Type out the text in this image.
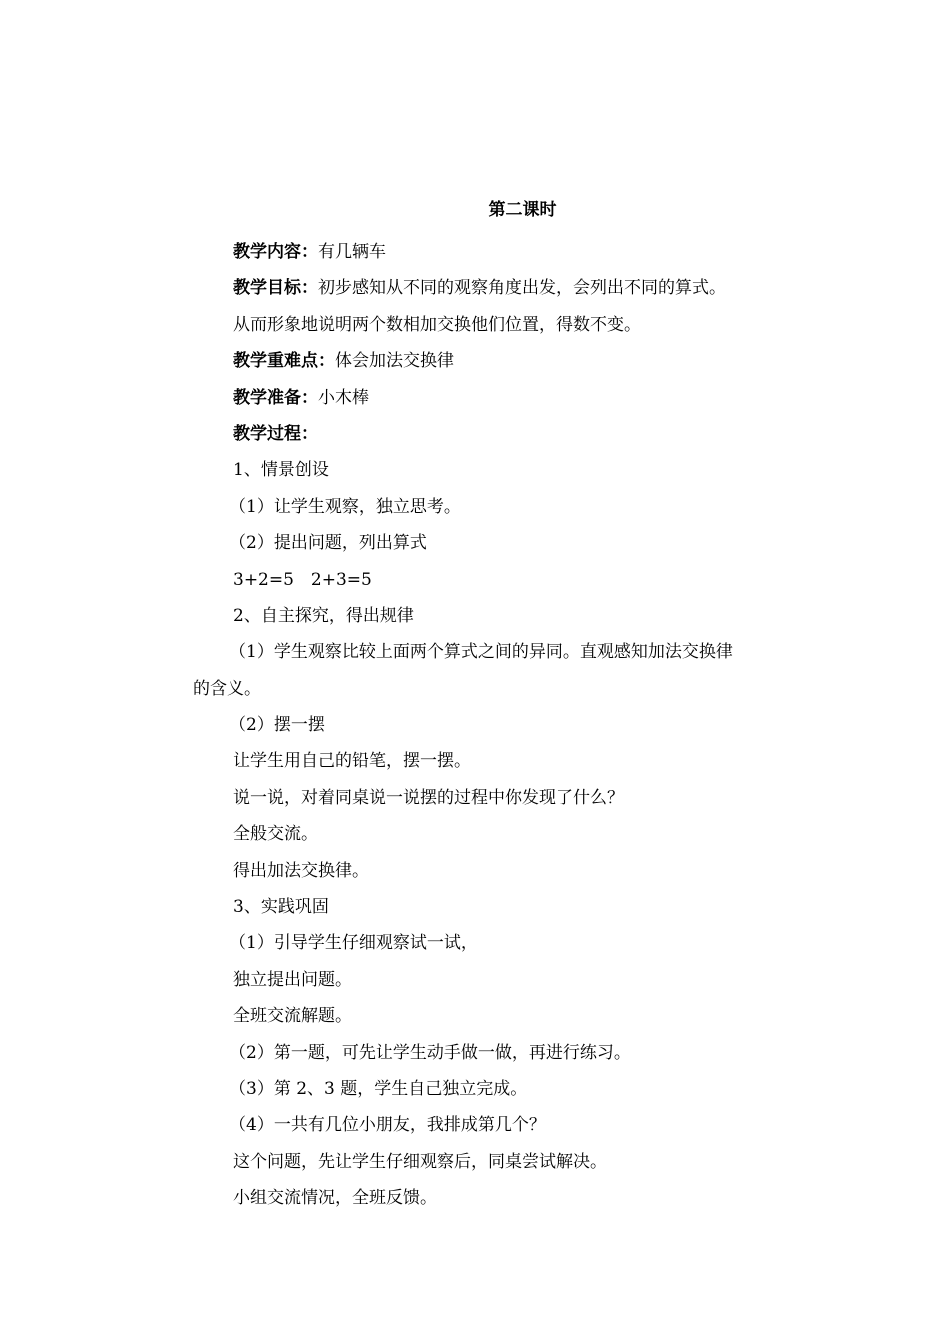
第二课时
教学内容：有几辆车
教学目标：初步感知从不同的观察角度出发，会列出不同的算式。
从而形象地说明两个数相加交换他们位置，得数不变。
教学重难点：体会加法交换律
教学准备：小木棒
教学过程：
1、情景创设
（1）让学生观察，独立思考。
（2）提出问题，列出算式
3+2=5　2+3=5
2、自主探究，得出规律
（1）学生观察比较上面两个算式之间的异同。直观感知加法交换律
的含义。
（2）摆一摆
让学生用自己的铅笔，摆一摆。
说一说，对着同桌说一说摆的过程中你发现了什么？
全般交流。
得出加法交换律。
3、实践巩固
（1）引导学生仔细观察试一试，
独立提出问题。
全班交流解题。
（2）第一题，可先让学生动手做一做，再进行练习。
（3）第 2、3 题，学生自己独立完成。
（4）一共有几位小朋友，我排成第几个？
这个问题，先让学生仔细观察后，同桌尝试解决。
小组交流情况，全班反馈。
